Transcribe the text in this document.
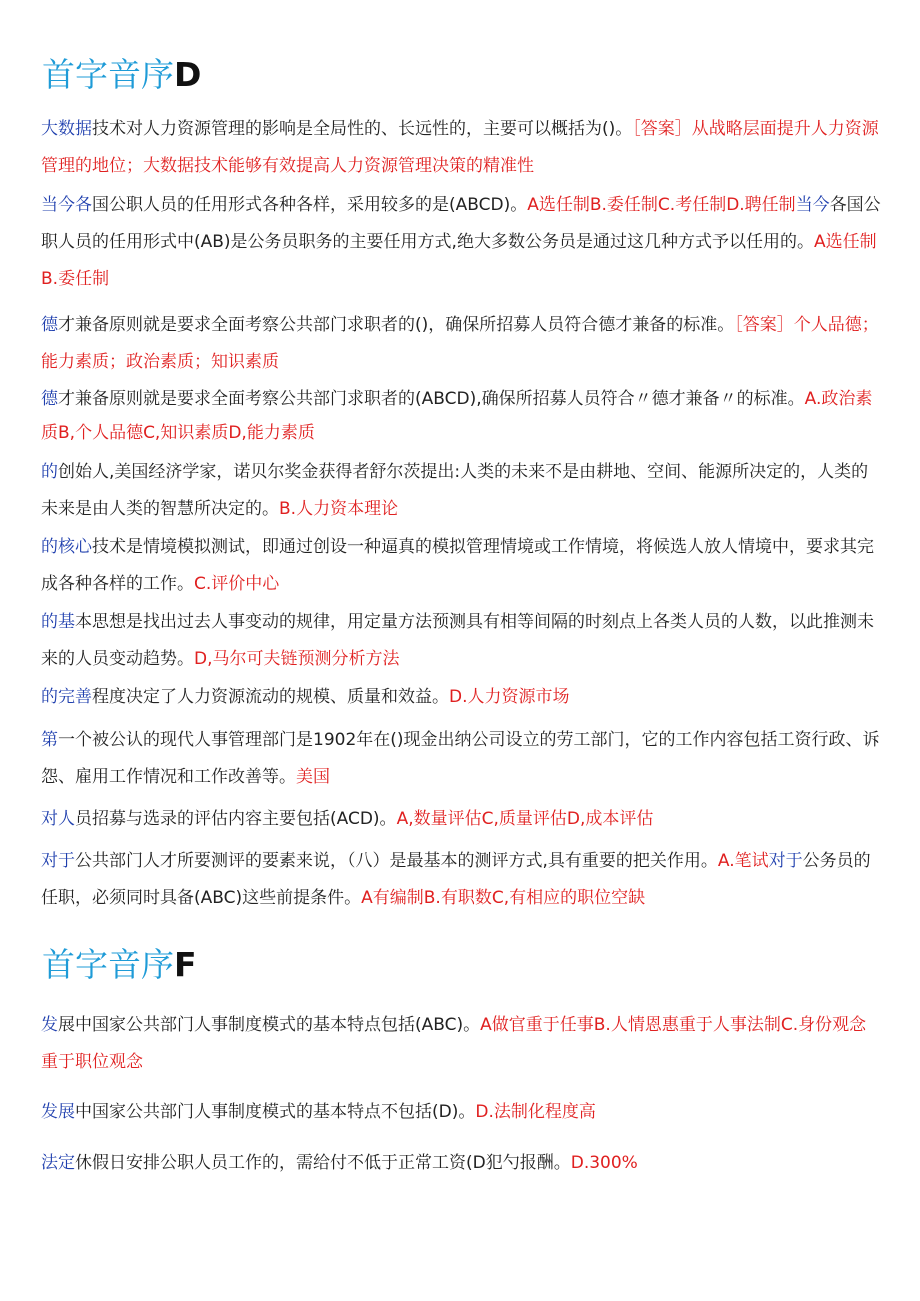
首字音序D

大数据技术对人力资源管理的影响是全局性的、长远性的，主要可以概括为()。［答案］从战略层面提升人力资源管理的地位；大数据技术能够有效提高人力资源管理决策的精准性

当今各国公职人员的任用形式各种各样，采用较多的是(ABCD)。A选任制B.委任制C.考任制D.聘任制当今各国公职人员的任用形式中(AB)是公务员职务的主要任用方式,绝大多数公务员是通过这几种方式予以任用的。A选任制B.委任制

德才兼备原则就是要求全面考察公共部门求职者的()，确保所招募人员符合德才兼备的标准。［答案］个人品德；能力素质；政治素质；知识素质

德才兼备原则就是要求全面考察公共部门求职者的(ABCD),确保所招募人员符合〃德才兼备〃的标准。A.政治素质B,个人品德C,知识素质D,能力素质

的创始人,美国经济学家，诺贝尔奖金获得者舒尔茨提出:人类的未来不是由耕地、空间、能源所决定的，人类的未来是由人类的智慧所决定的。B.人力资本理论

的核心技术是情境模拟测试，即通过创设一种逼真的模拟管理情境或工作情境，将候选人放人情境中，要求其完成各种各样的工作。C.评价中心

的基本思想是找出过去人事变动的规律，用定量方法预测具有相等间隔的时刻点上各类人员的人数，以此推测未来的人员变动趋势。D,马尔可夫链预测分析方法

的完善程度决定了人力资源流动的规模、质量和效益。D.人力资源市场

第一个被公认的现代人事管理部门是1902年在()现金出纳公司设立的劳工部门，它的工作内容包括工资行政、诉怨、雇用工作情况和工作改善等。美国

对人员招募与选录的评估内容主要包括(ACD)。A,数量评估C,质量评估D,成本评估

对于公共部门人才所要测评的要素来说，（八）是最基本的测评方式,具有重要的把关作用。A.笔试对于公务员的任职，必须同时具备(ABC)这些前提条件。A有编制B.有职数C,有相应的职位空缺

首字音序F

发展中国家公共部门人事制度模式的基本特点包括(ABC)。A做官重于任事B.人情恩惠重于人事法制C.身份观念重于职位观念

发展中国家公共部门人事制度模式的基本特点不包括(D)。D.法制化程度高

法定休假日安排公职人员工作的，需给付不低于正常工资(D犯勺报酬。D.300%
